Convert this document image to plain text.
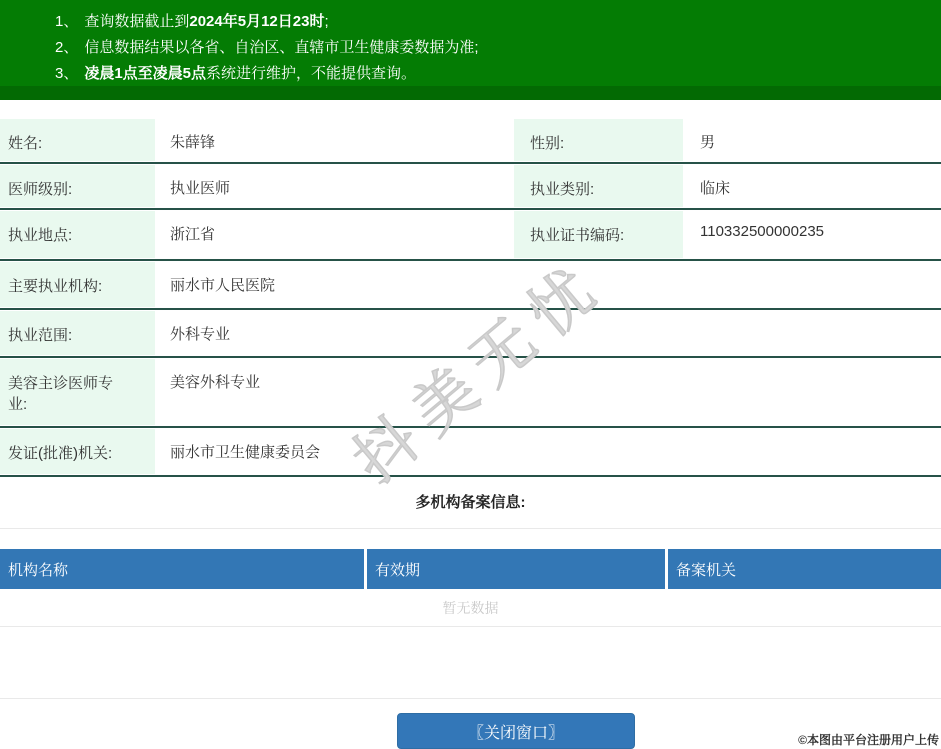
1、 查询数据截止到2024年5月12日23时;
2、 信息数据结果以各省、自治区、直辖市卫生健康委数据为准;
3、 凌晨1点至凌晨5点系统进行维护，不能提供查询。
姓名:	朱薛锋	性别:	男
医师级别:	执业医师	执业类别:	临床
执业地点:	浙江省	执业证书编码:	110332500000235
主要执业机构:	丽水市人民医院
执业范围:	外科专业
美容主诊医师专业:
美容外科专业
发证(批准)机关:	丽水市卫生健康委员会
多机构备案信息:
机构名称	有效期	备案机关
暂无数据
〖关闭窗口〗	©本图由平台注册用户上传
